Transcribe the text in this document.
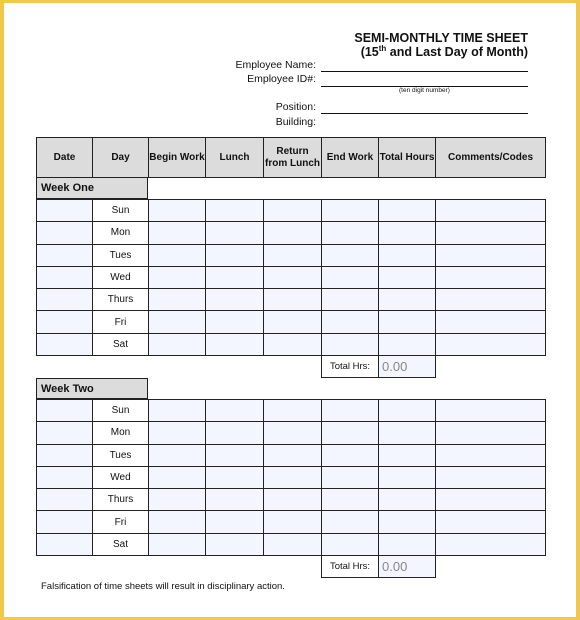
SEMI-MONTHLY TIME SHEET
(15th and Last Day of Month)
Employee Name:
Employee ID#:
(ten digit number)
Position:
Building:
Date	Day	Begin Work	Lunch	Return from Lunch	End Work	Total Hours	Comments/Codes
Week One
	Sun						
	Mon						
	Tues						
	Wed						
	Thurs						
	Fri						
	Sat						
Total Hrs: 0.00
Week Two
	Sun						
	Mon						
	Tues						
	Wed						
	Thurs						
	Fri						
	Sat						
Total Hrs: 0.00
Falsification of time sheets will result in disciplinary action.
